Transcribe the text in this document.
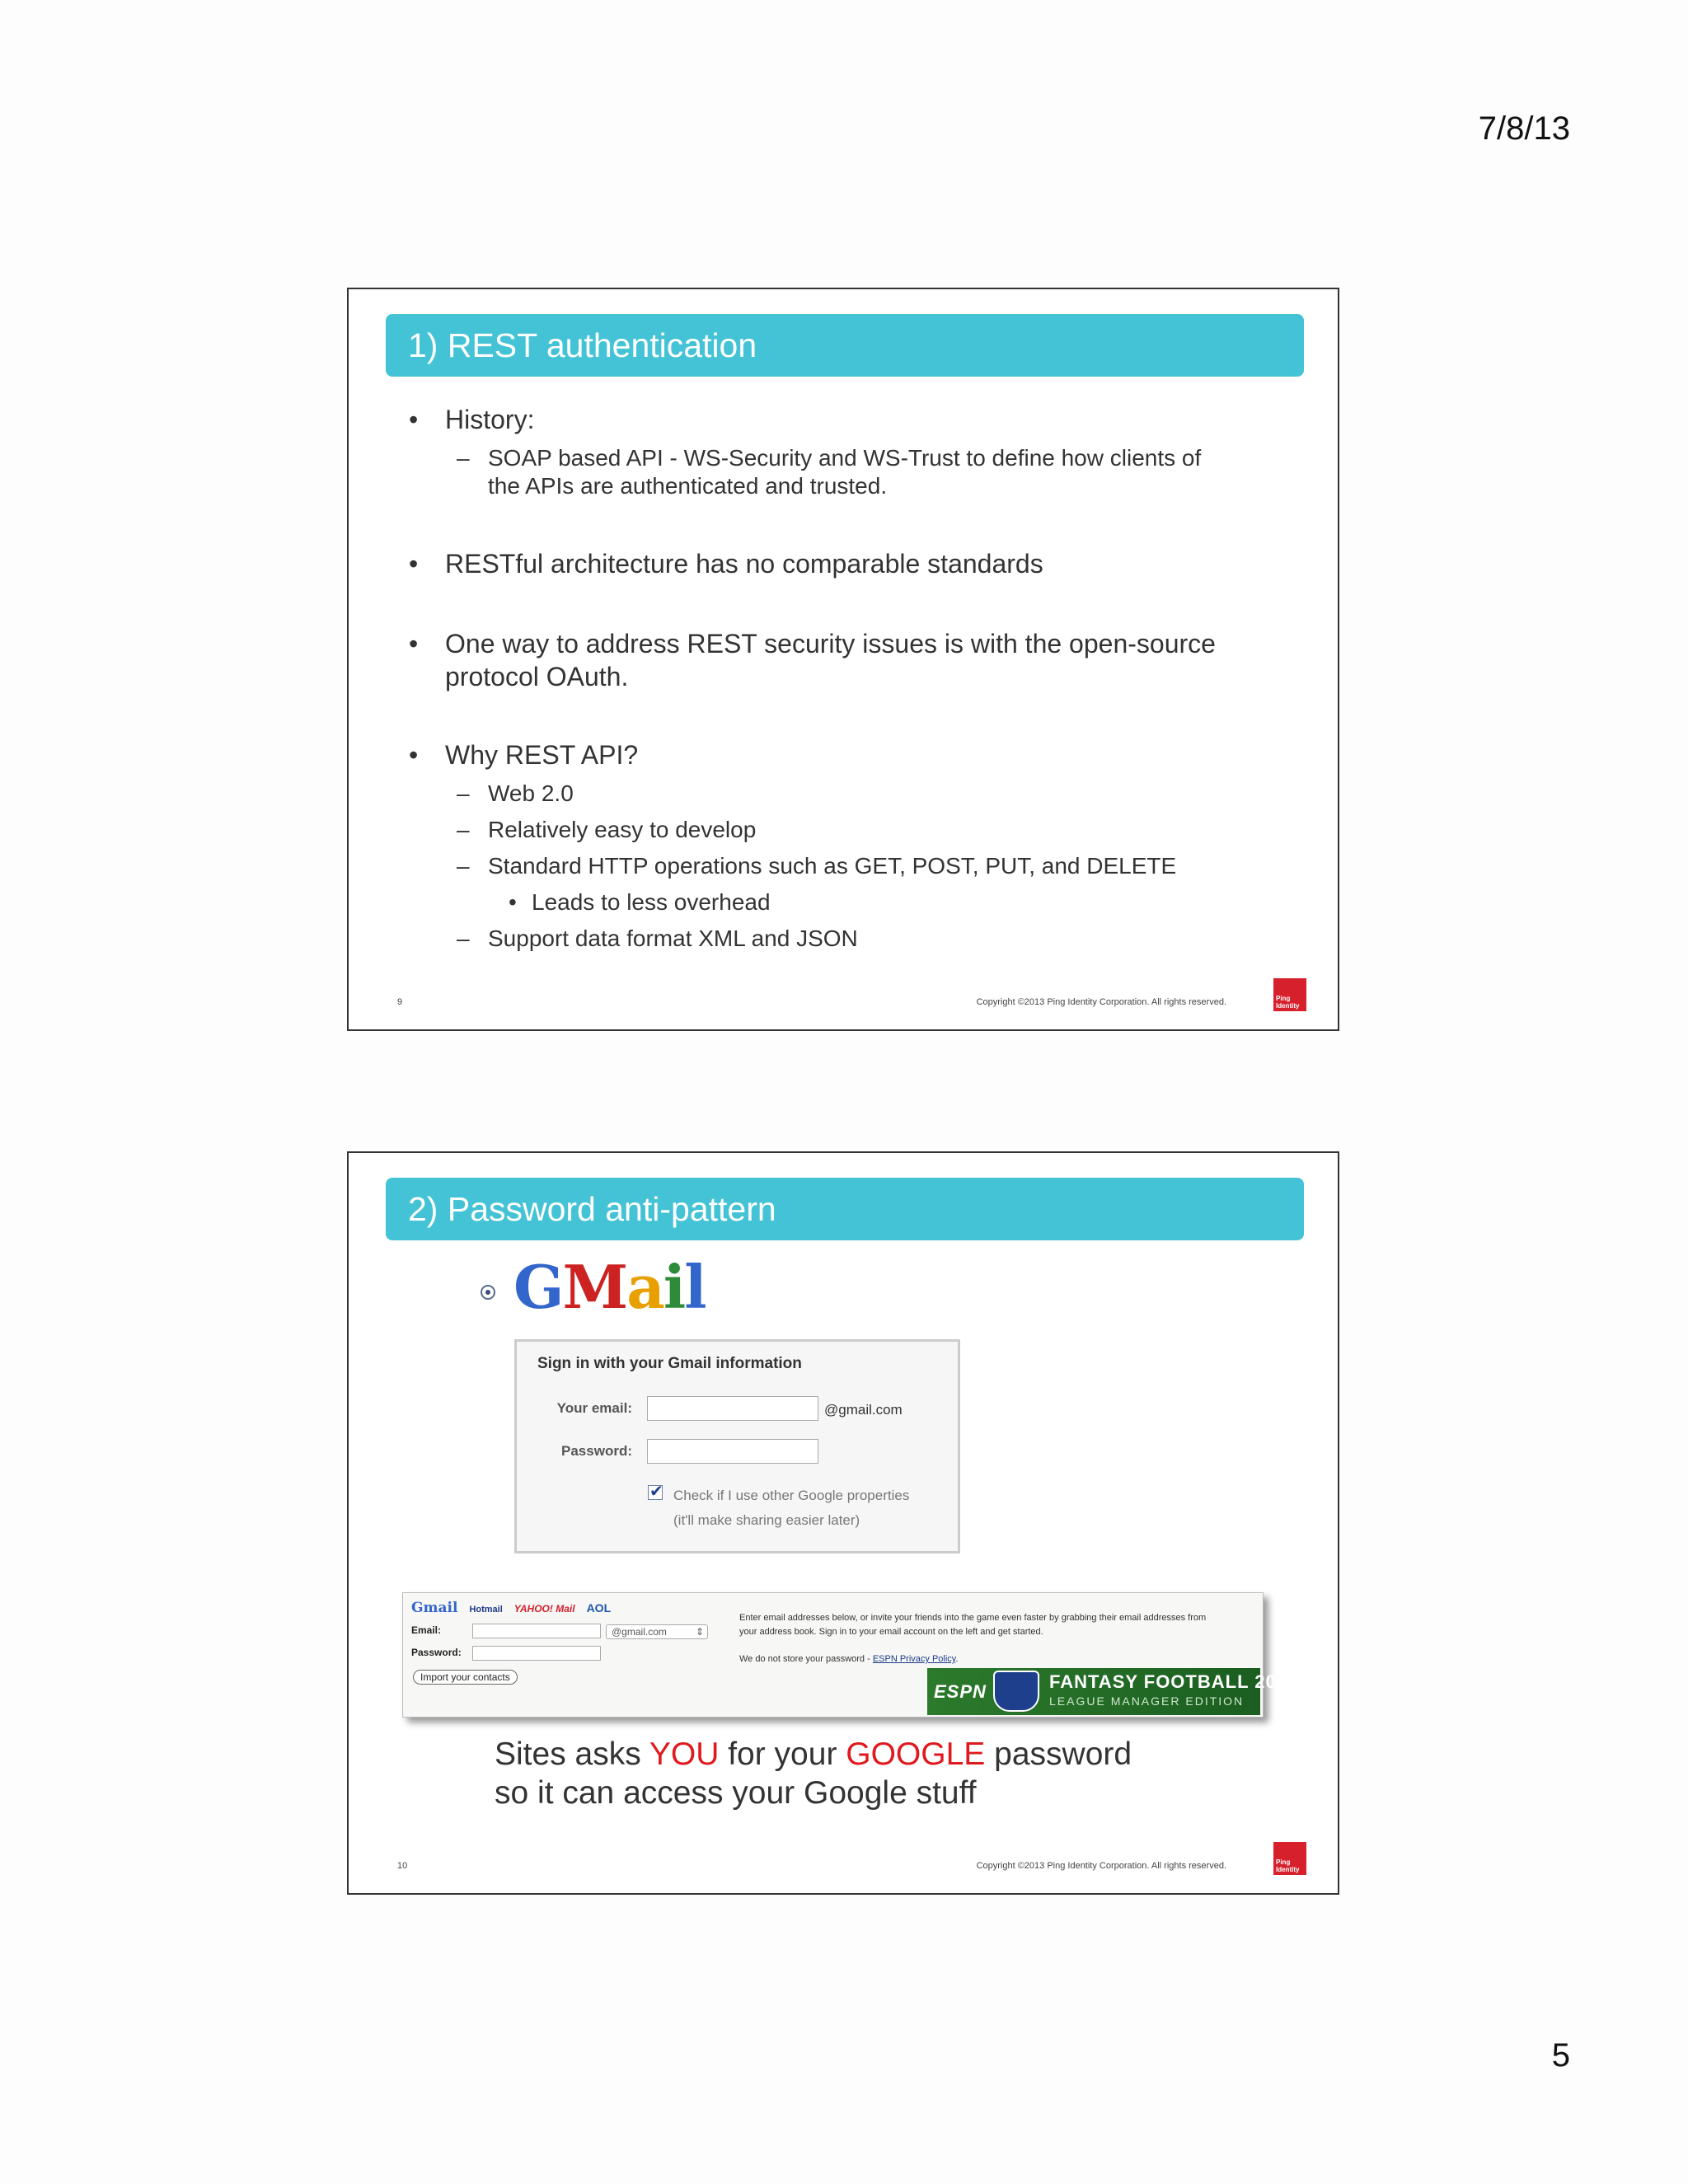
7/8/13
1) REST authentication
• History:
– SOAP based API - WS-Security and WS-Trust to define how clients of
the APIs are authenticated and trusted.
• RESTful architecture has no comparable standards
• One way to address REST security issues is with the open-source
protocol OAuth.
• Why REST API?
– Web 2.0
– Relatively easy to develop
– Standard HTTP operations such as GET, POST, PUT, and DELETE
• Leads to less overhead
– Support data format XML and JSON
9	Copyright ©2013 Ping Identity Corporation. All rights reserved.	Ping
Identity
2) Password anti-pattern
GMail
Sign in with your Gmail information
Your email:	@gmail.com
Password:
✔
Check if I use other Google properties
(it'll make sharing easier later)
Gmail Hotmail YAHOO! Mail AOL
Email:	@gmail.com	⇕
Password:
Import your contacts
Enter email addresses below, or invite your friends into the game even faster by grabbing their email addresses from your address book. Sign in to your email account on the left and get started.
We do not store your password - ESPN Privacy Policy.
ESPN	FANTASY FOOTBALL 2010
LEAGUE MANAGER EDITION
Sites asks YOU for your GOOGLE password
so it can access your Google stuff
10	Copyright ©2013 Ping Identity Corporation. All rights reserved.	Ping
Identity
5
